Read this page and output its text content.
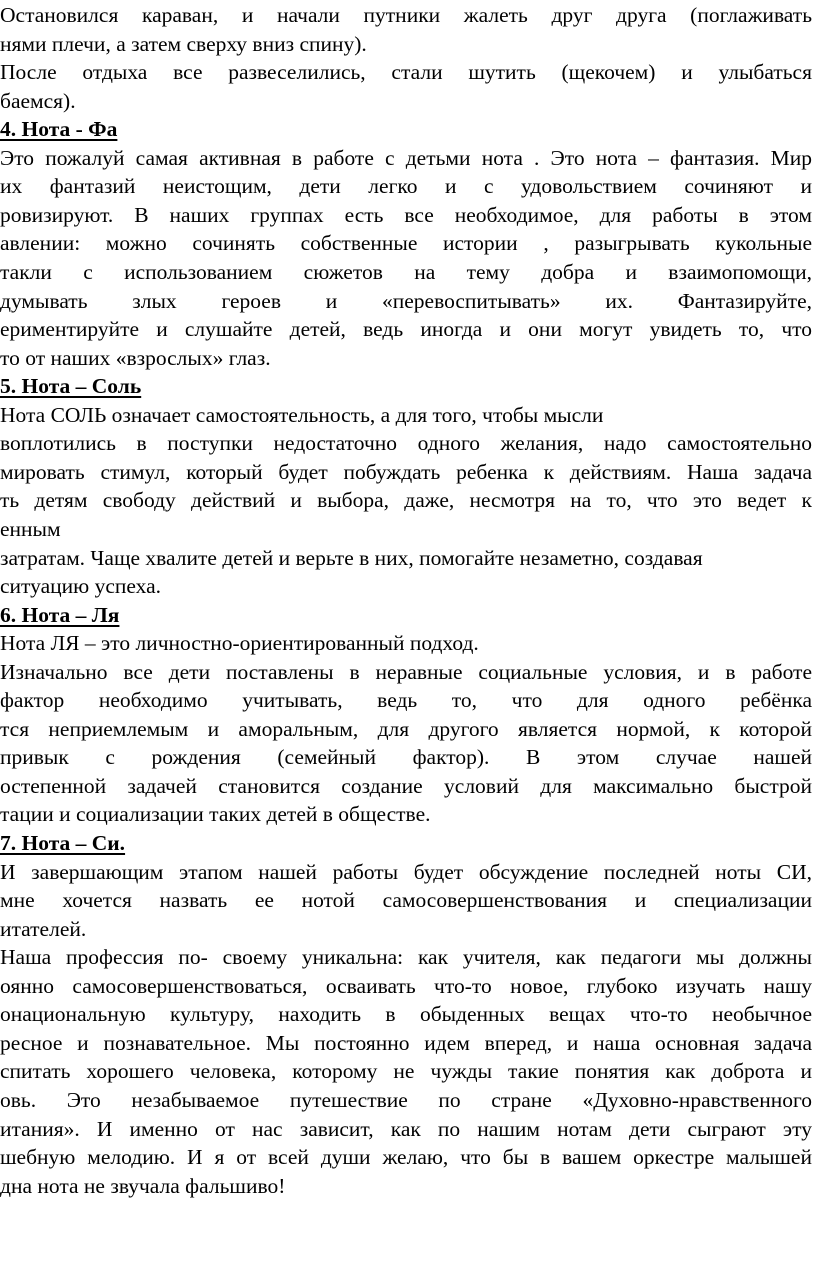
Остановился караван, и начали путники жалеть друг друга (поглаживать
нями плечи, а затем сверху вниз спину).
После отдыха все развеселились, стали шутить (щекочем) и улыбаться
баемся).
4. Нота - Фа
Это пожалуй самая активная в работе с детьми нота . Это нота – фантазия. Мир
их фантазий неистощим, дети легко и с удовольствием сочиняют и
ровизируют. В наших группах есть все необходимое, для работы в этом
авлении: можно сочинять собственные истории , разыгрывать кукольные
такли с использованием сюжетов на тему добра и взаимопомощи,
думывать злых героев и «перевоспитывать» их. Фантазируйте,
ериментируйте и слушайте детей, ведь иногда и они могут увидеть то, что
то от наших «взрослых» глаз.
5. Нота – Соль
Нота СОЛЬ означает самостоятельность, а для того, чтобы мысли
воплотились в поступки недостаточно одного желания, надо самостоятельно
мировать стимул, который будет побуждать ребенка к действиям. Наша задача
ть детям свободу действий и выбора, даже, несмотря на то, что это ведет к
енным
затратам. Чаще хвалите детей и верьте в них, помогайте незаметно, создавая
ситуацию успеха.
6. Нота – Ля
Нота ЛЯ – это личностно-ориентированный подход.
Изначально все дети поставлены в неравные социальные условия, и в работе
фактор необходимо учитывать, ведь то, что для одного ребёнка
тся неприемлемым и аморальным, для другого является нормой, к которой
привык с рождения (семейный фактор). В этом случае нашей
остепенной задачей становится создание условий для максимально быстрой
тации и социализации таких детей в обществе.
7. Нота – Си.
И завершающим этапом нашей работы будет обсуждение последней ноты СИ,
мне хочется назвать ее нотой самосовершенствования и специализации
итателей.
Наша профессия по- своему уникальна: как учителя, как педагоги мы должны
оянно самосовершенствоваться, осваивать что-то новое, глубоко изучать нашу
онациональную культуру, находить в обыденных вещах что-то необычное
ресное и познавательное. Мы постоянно идем вперед, и наша основная задача
спитать хорошего человека, которому не чужды такие понятия как доброта и
овь. Это незабываемое путешествие по стране «Духовно-нравственного
итания». И именно от нас зависит, как по нашим нотам дети сыграют эту
шебную мелодию. И я от всей души желаю, что бы в вашем оркестре малышей
дна нота не звучала фальшиво!
